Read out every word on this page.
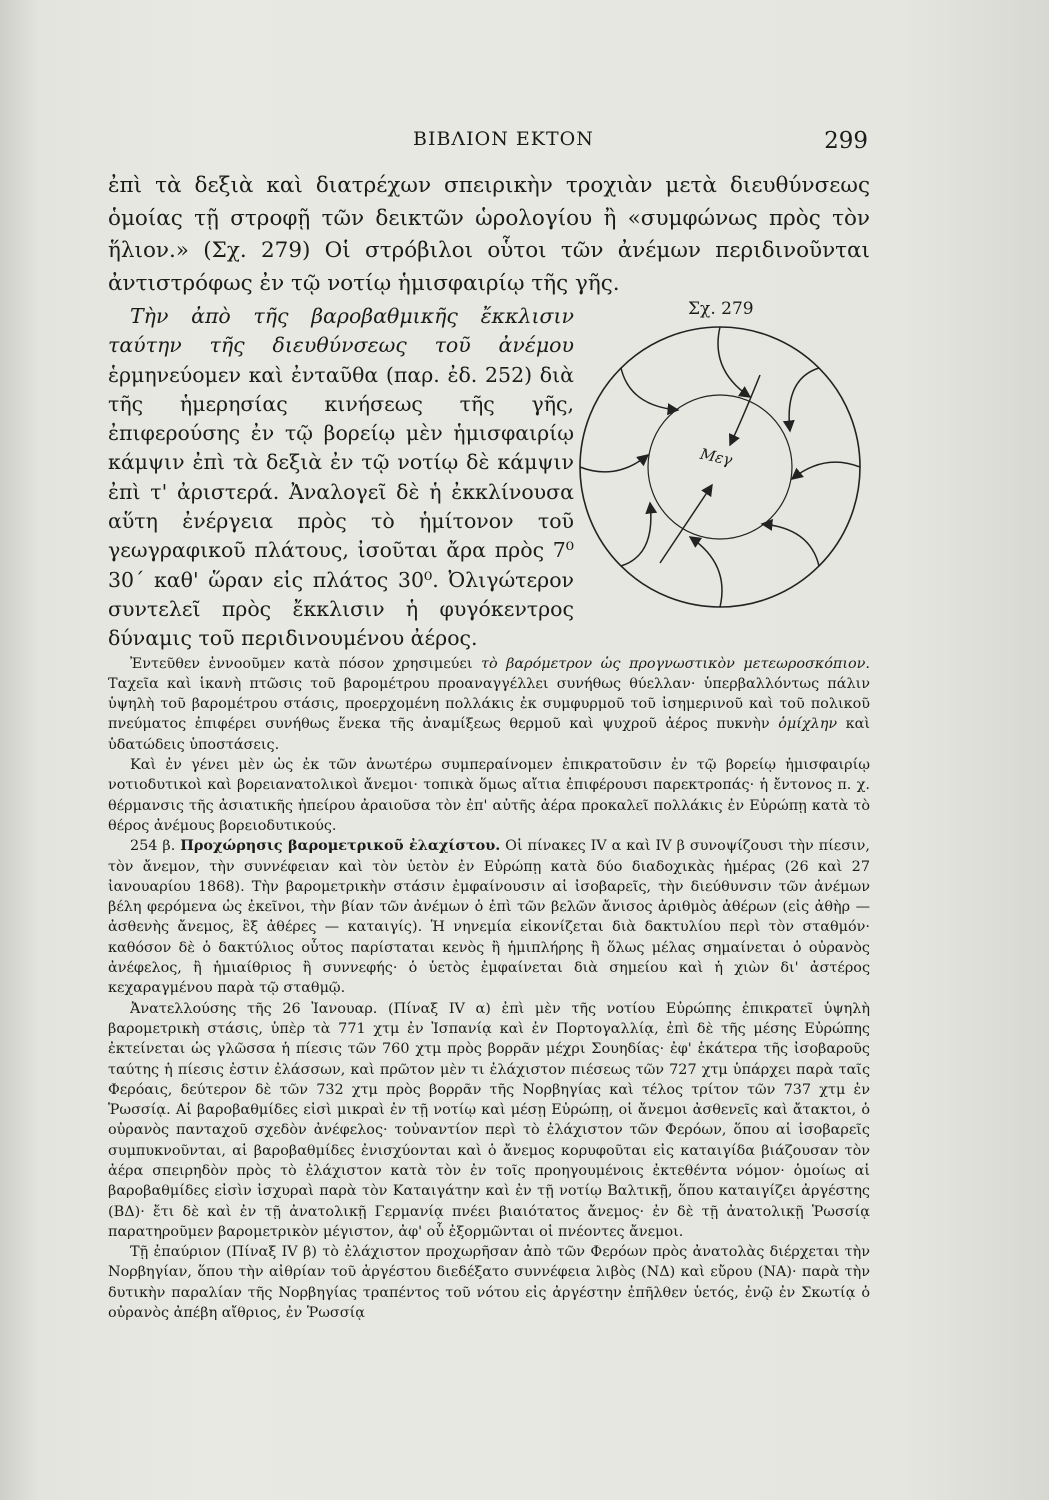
ΒΙΒΛΙΟΝ ΕΚΤΟΝ	299
Σχ. 279
Μεγ

ἐπὶ τὰ δεξιὰ καὶ διατρέχων σπειρικὴν τροχιὰν μετὰ διευθύνσεως ὁμοίας τῇ στροφῇ τῶν δεικτῶν ὡρολογίου ἢ «συμφώνως πρὸς τὸν ἥλιον.» (Σχ. 279) Οἱ στρόβιλοι οὗτοι τῶν ἀνέμων περιδινοῦνται ἀντιστρόφως ἐν τῷ νοτίῳ ἡμισφαιρίῳ τῆς γῆς.

Τὴν ἀπὸ τῆς βαροβαθμικῆς ἔκκλισιν ταύτην τῆς διευθύνσεως τοῦ ἀνέμου ἑρμηνεύομεν καὶ ἐνταῦθα (παρ. ἐδ. 252) διὰ τῆς ἡμερησίας κινήσεως τῆς γῆς, ἐπιφερούσης ἐν τῷ βορείῳ μὲν ἡμισφαιρίῳ κάμψιν ἐπὶ τὰ δεξιὰ ἐν τῷ νοτίῳ δὲ κάμψιν ἐπὶ τ' ἀριστερά. Ἀναλογεῖ δὲ ἡ ἐκκλίνουσα αὕτη ἐνέργεια πρὸς τὸ ἡμίτονον τοῦ γεωγραφικοῦ πλάτους, ἰσοῦται ἄρα πρὸς 7⁰ 30΄ καθ' ὥραν εἰς πλάτος 30⁰. Ὀλιγώτερον συντελεῖ πρὸς ἔκκλισιν ἡ φυγόκεντρος δύναμις τοῦ περιδινουμένου ἀέρος.

Ἐντεῦθεν ἐννοοῦμεν κατὰ πόσον χρησιμεύει τὸ βαρόμετρον ὡς προγνωστικὸν μετεωροσκόπιον. Ταχεῖα καὶ ἱκανὴ πτῶσις τοῦ βαρομέτρου προαναγγέλλει συνήθως θύελλαν· ὑπερβαλλόντως πάλιν ὑψηλὴ τοῦ βαρομέτρου στάσις, προερχομένη πολλάκις ἐκ συμφυρμοῦ τοῦ ἰσημερινοῦ καὶ τοῦ πολικοῦ πνεύματος ἐπιφέρει συνήθως ἕνεκα τῆς ἀναμίξεως θερμοῦ καὶ ψυχροῦ ἀέρος πυκνὴν ὁμίχλην καὶ ὑδατώδεις ὑποστάσεις.

Καὶ ἐν γένει μὲν ὡς ἐκ τῶν ἀνωτέρω συμπεραίνομεν ἐπικρατοῦσιν ἐν τῷ βορείῳ ἡμισφαιρίῳ νοτιοδυτικοὶ καὶ βορειανατολικοὶ ἄνεμοι· τοπικὰ ὅμως αἴτια ἐπιφέρουσι παρεκτροπάς· ἡ ἔντονος π. χ. θέρμανσις τῆς ἀσιατικῆς ἠπείρου ἀραιοῦσα τὸν ἐπ' αὐτῆς ἀέρα προκαλεῖ πολλάκις ἐν Εὐρώπῃ κατὰ τὸ θέρος ἀνέμους βορειοδυτικούς.

254 β. Προχώρησις βαρομετρικοῦ ἐλαχίστου. Οἱ πίνακες IV α καὶ IV β συνοψίζουσι τὴν πίεσιν, τὸν ἄνεμον, τὴν συννέφειαν καὶ τὸν ὑετὸν ἐν Εὐρώπῃ κατὰ δύο διαδοχικὰς ἡμέρας (26 καὶ 27 ἰανουαρίου 1868). Τὴν βαρομετρικὴν στάσιν ἐμφαίνουσιν αἱ ἰσοβαρεῖς, τὴν διεύθυνσιν τῶν ἀνέμων βέλη φερόμενα ὡς ἐκεῖνοι, τὴν βίαν τῶν ἀνέμων ὁ ἐπὶ τῶν βελῶν ἄνισος ἀριθμὸς ἀθέρων (εἰς ἀθὴρ — ἀσθενὴς ἄνεμος, ἓξ ἀθέρες — καταιγίς). Ἡ νηνεμία εἰκονίζεται διὰ δακτυλίου περὶ τὸν σταθμόν· καθόσον δὲ ὁ δακτύλιος οὗτος παρίσταται κενὸς ἢ ἡμιπλήρης ἢ ὅλως μέλας σημαίνεται ὁ οὐρανὸς ἀνέφελος, ἢ ἡμιαίθριος ἢ συννεφής· ὁ ὑετὸς ἐμφαίνεται διὰ σημείου καὶ ἡ χιὼν δι' ἀστέρος κεχαραγμένου παρὰ τῷ σταθμῷ.

Ἀνατελλούσης τῆς 26 Ἰανουαρ. (Πίναξ IV α) ἐπὶ μὲν τῆς νοτίου Εὐρώπης ἐπικρατεῖ ὑψηλὴ βαρομετρικὴ στάσις, ὑπὲρ τὰ 771 χτμ ἐν Ἰσπανίᾳ καὶ ἐν Πορτογαλλίᾳ, ἐπὶ δὲ τῆς μέσης Εὐρώπης ἐκτείνεται ὡς γλῶσσα ἡ πίεσις τῶν 760 χτμ πρὸς βορρᾶν μέχρι Σουηδίας· ἐφ' ἑκάτερα τῆς ἰσοβαροῦς ταύτης ἡ πίεσις ἐστιν ἐλάσσων, καὶ πρῶτον μὲν τι ἐλάχιστον πιέσεως τῶν 727 χτμ ὑπάρχει παρὰ ταῖς Φερόαις, δεύτερον δὲ τῶν 732 χτμ πρὸς βορρᾶν τῆς Νορβηγίας καὶ τέλος τρίτον τῶν 737 χτμ ἐν Ῥωσσίᾳ. Αἱ βαροβαθμίδες εἰσὶ μικραὶ ἐν τῇ νοτίῳ καὶ μέσῃ Εὐρώπῃ, οἱ ἄνεμοι ἀσθενεῖς καὶ ἄτακτοι, ὁ οὐρανὸς πανταχοῦ σχεδὸν ἀνέφελος· τοὐναντίον περὶ τὸ ἐλάχιστον τῶν Φερόων, ὅπου αἱ ἰσοβαρεῖς συμπυκνοῦνται, αἱ βαροβαθμίδες ἐνισχύονται καὶ ὁ ἄνεμος κορυφοῦται εἰς καταιγίδα βιάζουσαν τὸν ἀέρα σπειρηδὸν πρὸς τὸ ἐλάχιστον κατὰ τὸν ἐν τοῖς προηγουμένοις ἐκτεθέντα νόμον· ὁμοίως αἱ βαροβαθμίδες εἰσὶν ἰσχυραὶ παρὰ τὸν Καταιγάτην καὶ ἐν τῇ νοτίῳ Βαλτικῇ, ὅπου καταιγίζει ἀργέστης (ΒΔ)· ἔτι δὲ καὶ ἐν τῇ ἀνατολικῇ Γερμανίᾳ πνέει βιαιότατος ἄνεμος· ἐν δὲ τῇ ἀνατολικῇ Ῥωσσίᾳ παρατηροῦμεν βαρομετρικὸν μέγιστον, ἀφ' οὗ ἐξορμῶνται οἱ πνέοντες ἄνεμοι.

Τῇ ἐπαύριον (Πίναξ IV β) τὸ ἐλάχιστον προχωρῆσαν ἀπὸ τῶν Φερόων πρὸς ἀνατολὰς διέρχεται τὴν Νορβηγίαν, ὅπου τὴν αἰθρίαν τοῦ ἀργέστου διεδέξατο συννέφεια λιβὸς (ΝΔ) καὶ εὔρου (ΝΑ)· παρὰ τὴν δυτικὴν παραλίαν τῆς Νορβηγίας τραπέντος τοῦ νότου εἰς ἀργέστην ἐπῆλθεν ὑετός, ἐνῷ ἐν Σκωτίᾳ ὁ οὐρανὸς ἀπέβη αἴθριος, ἐν Ῥωσσίᾳ
